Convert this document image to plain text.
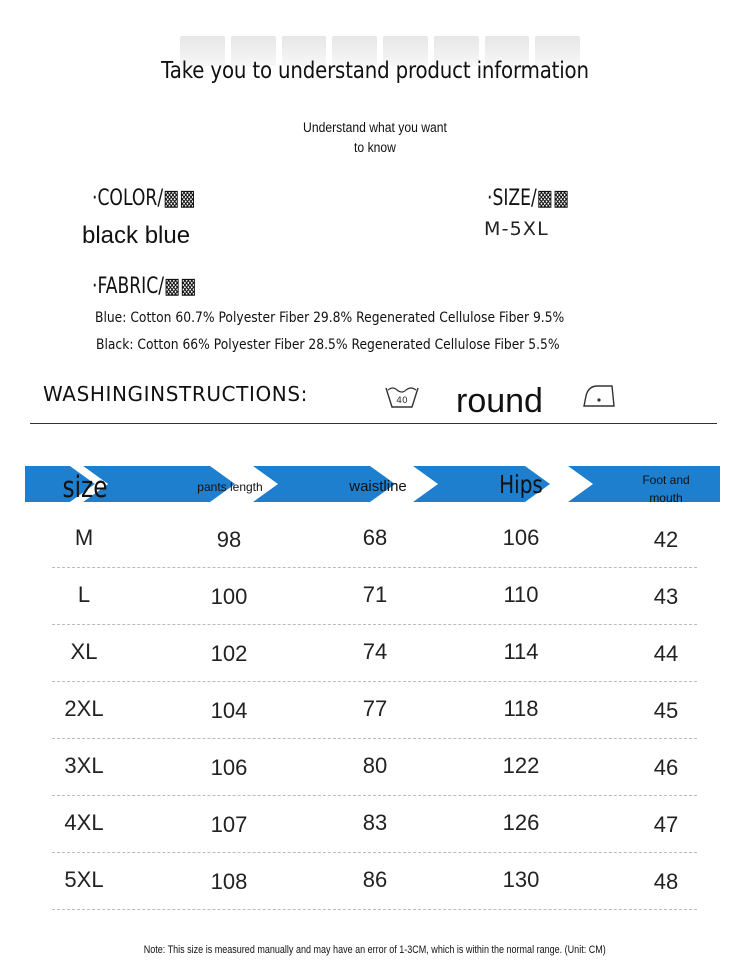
Take you to understand product information
Understand what you want
to know
·COLOR/▩▩
black blue
·SIZE/▩▩
M-5XL
·FABRIC/▩▩
Blue: Cotton 60.7% Polyester Fiber 29.8% Regenerated Cellulose Fiber 9.5%
Black: Cotton 66% Polyester Fiber 28.5% Regenerated Cellulose Fiber 5.5%
WASHINGINSTRUCTIONS:	40 round
size	pants length	waistline	Hips	Foot and mouth
M	98	68	106	42
L	100	71	110	43
XL	102	74	114	44
2XL	104	77	118	45
3XL	106	80	122	46
4XL	107	83	126	47
5XL	108	86	130	48
Note: This size is measured manually and may have an error of 1-3CM, which is within the normal range. (Unit: CM)
